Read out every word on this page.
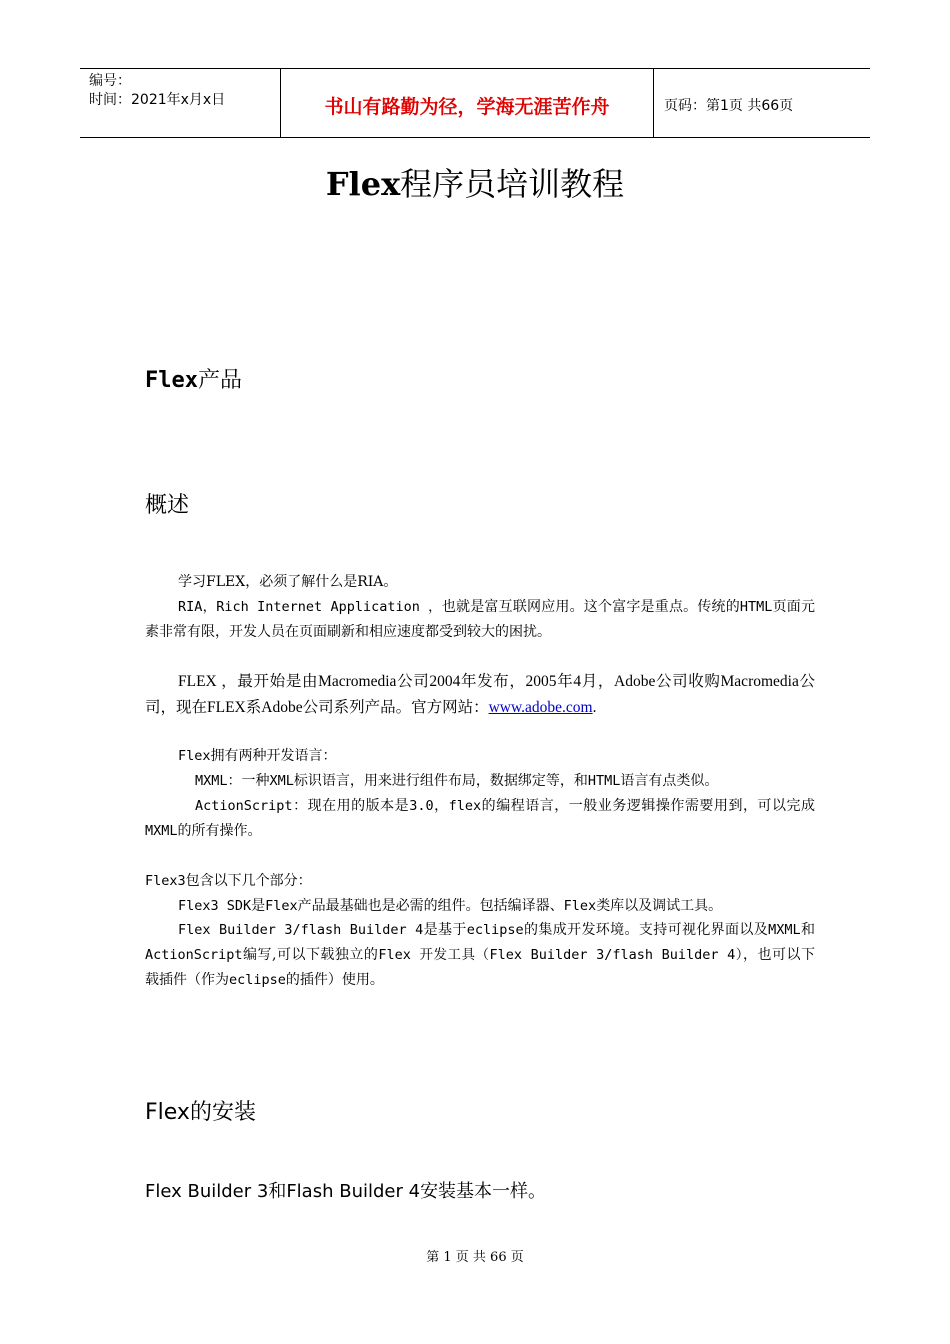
编号：
时间：2021年x月x日	书山有路勤为径，学海无涯苦作舟	页码：第1页 共66页
Flex程序员培训教程
Flex产品
概述
学习FLEX，必须了解什么是RIA。
RIA，Rich Internet Application ，也就是富互联网应用。这个富字是重点。传统的HTML页面元素非常有限，开发人员在页面刷新和相应速度都受到较大的困扰。
FLEX ，最开始是由Macromedia公司2004年发布，2005年4月，Adobe公司收购Macromedia公司，现在FLEX系Adobe公司系列产品。官方网站：www.adobe.com.
Flex拥有两种开发语言：
MXML：一种XML标识语言，用来进行组件布局，数据绑定等，和HTML语言有点类似。
ActionScript：现在用的版本是3.0，flex的编程语言，一般业务逻辑操作需要用到，可以完成MXML的所有操作。
Flex3包含以下几个部分：
Flex3 SDK是Flex产品最基础也是必需的组件。包括编译器、Flex类库以及调试工具。
Flex Builder 3/flash Builder 4是基于eclipse的集成开发环境。支持可视化界面以及MXML和ActionScript编写,可以下载独立的Flex 开发工具（Flex Builder 3/flash Builder 4），也可以下载插件（作为eclipse的插件）使用。
Flex的安装
Flex Builder 3和Flash Builder 4安装基本一样。
第 1 页 共 66 页
